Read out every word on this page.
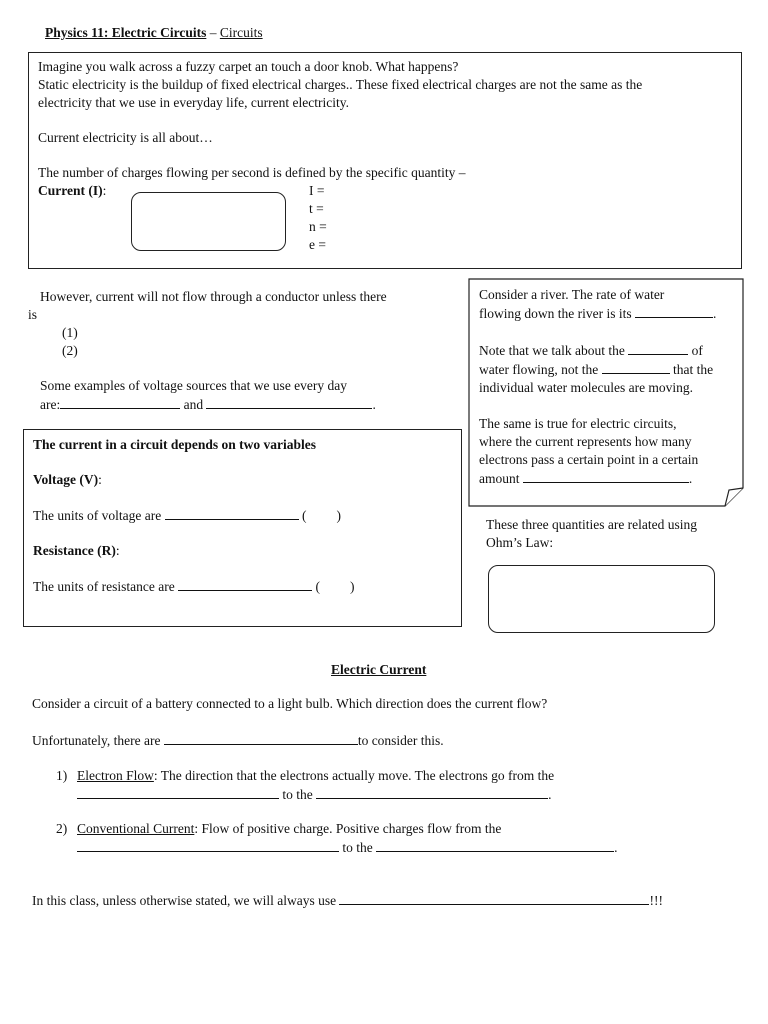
Physics 11: Electric Circuits – Circuits

Imagine you walk across a fuzzy carpet an touch a door knob. What happens?

Static electricity is the buildup of fixed electrical charges.. These fixed electrical charges are not the same as the

electricity that we use in everyday life, current electricity.

Current electricity is all about…

The number of charges flowing per second is defined by the specific quantity –

Current (I):	I =

t =

n =

e =

However, current will not flow through a conductor unless there

is

(1)

(2)

Some examples of voltage sources that we use every day

are:	and	.

Consider a river. The rate of water

flowing down the river is its	.

Note that we talk about the	of

water flowing, not the	that the

individual water molecules are moving.

The same is true for electric circuits,

where the current represents how many

electrons pass a certain point in a certain

amount	.

The current in a circuit depends on two variables

Voltage (V):
The units of voltage are	( )
Resistance (R):
The units of resistance are	( )

These three quantities are related using

Ohm’s Law:

Electric Current

Consider a circuit of a battery connected to a light bulb. Which direction does the current flow?

Unfortunately, there are	to consider this.

1) Electron Flow: The direction that the electrons actually move. The electrons go from the
to the	.

2) Conventional Current: Flow of positive charge. Positive charges flow from the
to the	.
In this class, unless otherwise stated, we will always use	!!!
